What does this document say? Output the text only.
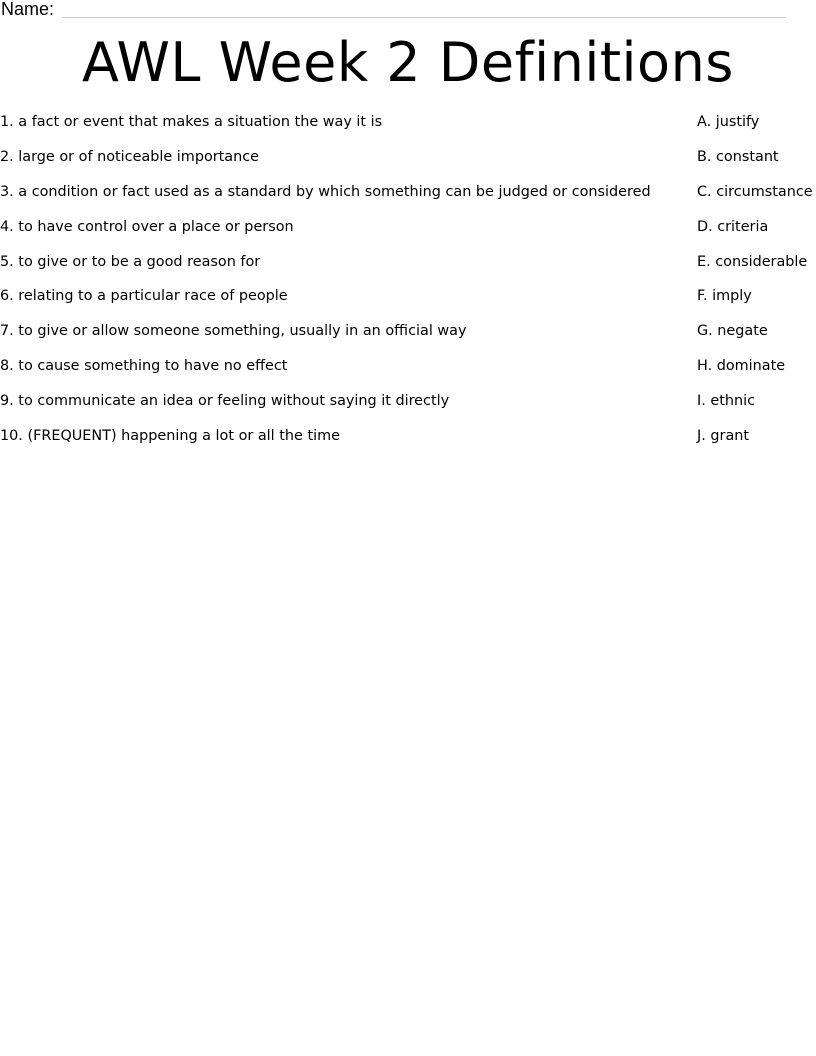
Name:
AWL Week 2 Definitions
1. a fact or event that makes a situation the way it is
2. large or of noticeable importance
3. a condition or fact used as a standard by which something can be judged or considered
4. to have control over a place or person
5. to give or to be a good reason for
6. relating to a particular race of people
7. to give or allow someone something, usually in an official way
8. to cause something to have no effect
9. to communicate an idea or feeling without saying it directly
10. (FREQUENT) happening a lot or all the time
A. justify
B. constant
C. circumstance
D. criteria
E. considerable
F. imply
G. negate
H. dominate
I. ethnic
J. grant
